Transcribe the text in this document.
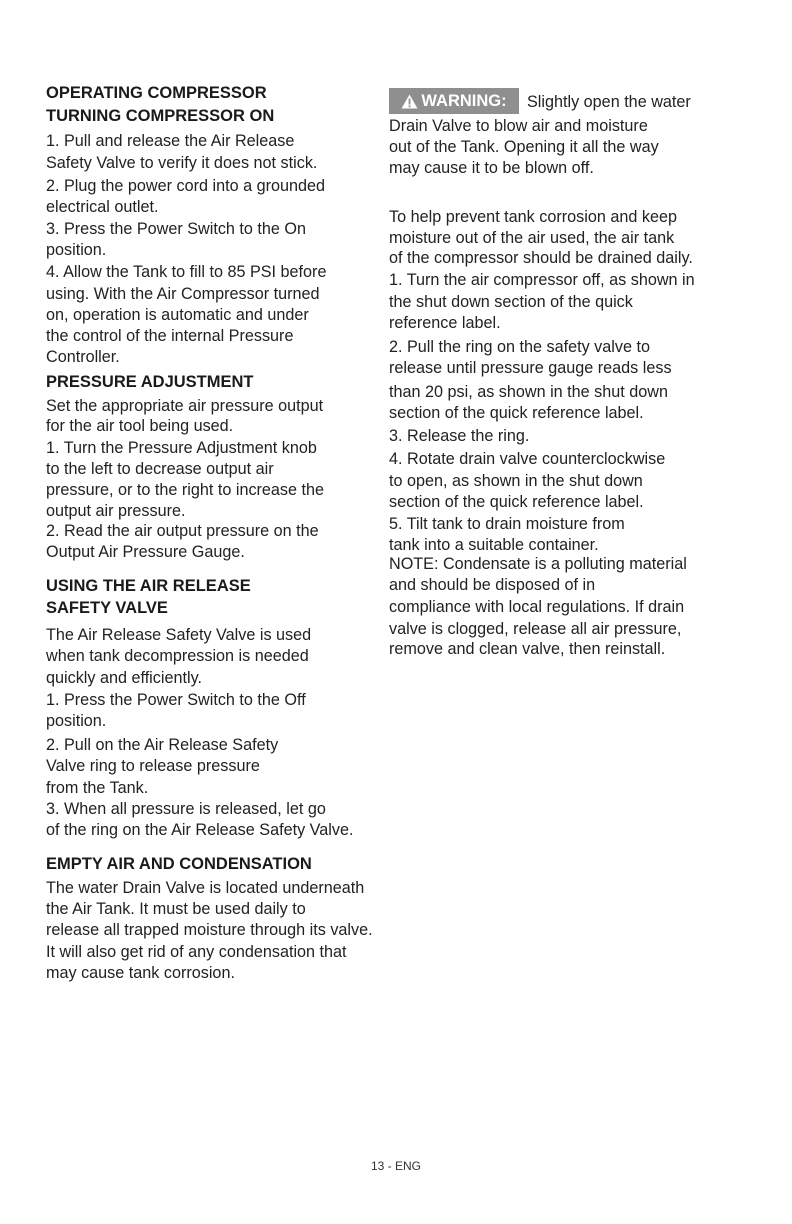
OPERATING COMPRESSOR
TURNING COMPRESSOR ON
1. Pull and release the Air Release
Safety Valve to verify it does not stick.
2. Plug the power cord into a grounded
electrical outlet.
3. Press the Power Switch to the On
position.
4. Allow the Tank to fill to 85 PSI before
using. With the Air Compressor turned
on, operation is automatic and under
the control of the internal Pressure
Controller.
PRESSURE ADJUSTMENT
Set the appropriate air pressure output
for the air tool being used.
1. Turn the Pressure Adjustment knob
to the left to decrease output air
pressure, or to the right to increase the
output air pressure.
2. Read the air output pressure on the
Output Air Pressure Gauge.
USING THE AIR RELEASE
SAFETY VALVE
The Air Release Safety Valve is used
when tank decompression is needed
quickly and efficiently.
1. Press the Power Switch to the Off
position.
2. Pull on the Air Release Safety
Valve ring to release pressure
from the Tank.
3. When all pressure is released, let go
of the ring on the Air Release Safety Valve.
EMPTY AIR AND CONDENSATION
The water Drain Valve is located underneath
the Air Tank. It must be used daily to
release all trapped moisture through its valve.
It will also get rid of any condensation that
may cause tank corrosion.
WARNING: Slightly open the water
Drain Valve to blow air and moisture
out of the Tank. Opening it all the way
may cause it to be blown off.
To help prevent tank corrosion and keep
moisture out of the air used, the air tank
of the compressor should be drained daily.
1. Turn the air compressor off, as shown in
the shut down section of the quick
reference label.
2. Pull the ring on the safety valve to
release until pressure gauge reads less
than 20 psi, as shown in the shut down
section of the quick reference label.
3. Release the ring.
4. Rotate drain valve counterclockwise
to open, as shown in the shut down
section of the quick reference label.
5. Tilt tank to drain moisture from
tank into a suitable container.
NOTE: Condensate is a polluting material
and should be disposed of in
compliance with local regulations. If drain
valve is clogged, release all air pressure,
remove and clean valve, then reinstall.
13 - ENG
